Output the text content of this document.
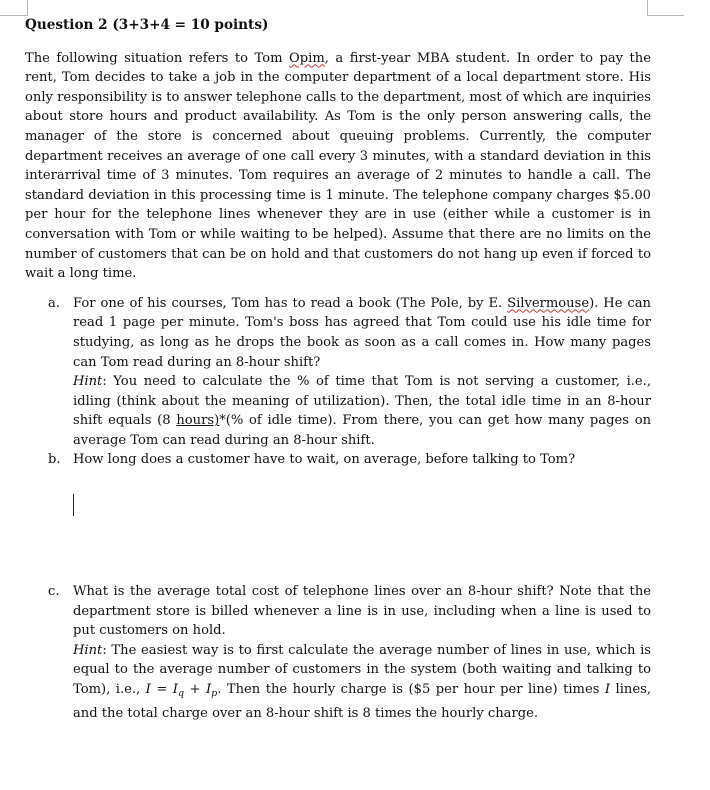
Question 2 (3+3+4 = 10 points)

The following situation refers to Tom Opim, a first-year MBA student. In order to pay the rent, Tom decides to take a job in the computer department of a local department store. His only responsibility is to answer telephone calls to the department, most of which are inquiries about store hours and product availability. As Tom is the only person answering calls, the manager of the store is concerned about queuing problems. Currently, the computer department receives an average of one call every 3 minutes, with a standard deviation in this interarrival time of 3 minutes. Tom requires an average of 2 minutes to handle a call. The standard deviation in this processing time is 1 minute. The telephone company charges $5.00 per hour for the telephone lines whenever they are in use (either while a customer is in conversation with Tom or while waiting to be helped). Assume that there are no limits on the number of customers that can be on hold and that customers do not hang up even if forced to wait a long time.

a. For one of his courses, Tom has to read a book (The Pole, by E. Silvermouse). He can read 1 page per minute. Tom's boss has agreed that Tom could use his idle time for studying, as long as he drops the book as soon as a call comes in. How many pages can Tom read during an 8-hour shift?
Hint: You need to calculate the % of time that Tom is not serving a customer, i.e., idling (think about the meaning of utilization). Then, the total idle time in an 8-hour shift equals (8 hours)*(% of idle time). From there, you can get how many pages on average Tom can read during an 8-hour shift.
b. How long does a customer have to wait, on average, before talking to Tom?
c. What is the average total cost of telephone lines over an 8-hour shift? Note that the department store is billed whenever a line is in use, including when a line is used to put customers on hold.
Hint: The easiest way is to first calculate the average number of lines in use, which is equal to the average number of customers in the system (both waiting and talking to Tom), i.e., $I = I_q + I_p$. Then the hourly charge is ($5 per hour per line) times I lines, and the total charge over an 8-hour shift is 8 times the hourly charge.
